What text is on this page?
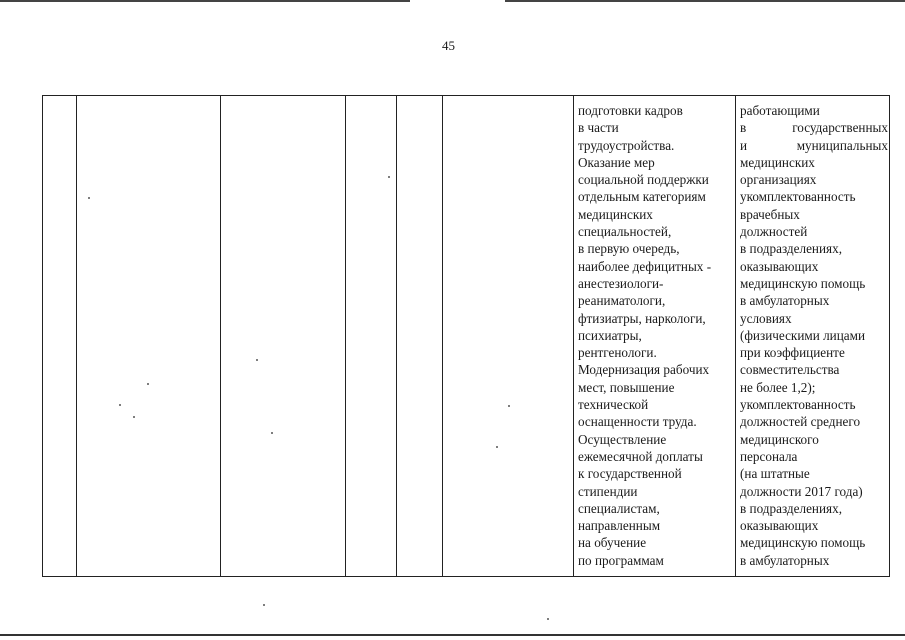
45
подготовки кадров
в части
трудоустройства.
Оказание мер
социальной поддержки
отдельным категориям
медицинских
специальностей,
в первую очередь,
наиболее дефицитных -
анестезиологи-
реаниматологи,
фтизиатры, наркологи,
психиатры,
рентгенологи.
Модернизация рабочих
мест, повышение
технической
оснащенности труда.
Осуществление
ежемесячной доплаты
к государственной
стипендии
специалистам,
направленным
на обучение
по программам
работающими
в	государственных
и	муниципальных
медицинских
организациях
укомплектованность
врачебных
должностей
в подразделениях,
оказывающих
медицинскую помощь
в амбулаторных
условиях
(физическими лицами
при коэффициенте
совместительства
не более 1,2);
укомплектованность
должностей среднего
медицинского
персонала
(на штатные
должности 2017 года)
в подразделениях,
оказывающих
медицинскую помощь
в амбулаторных
